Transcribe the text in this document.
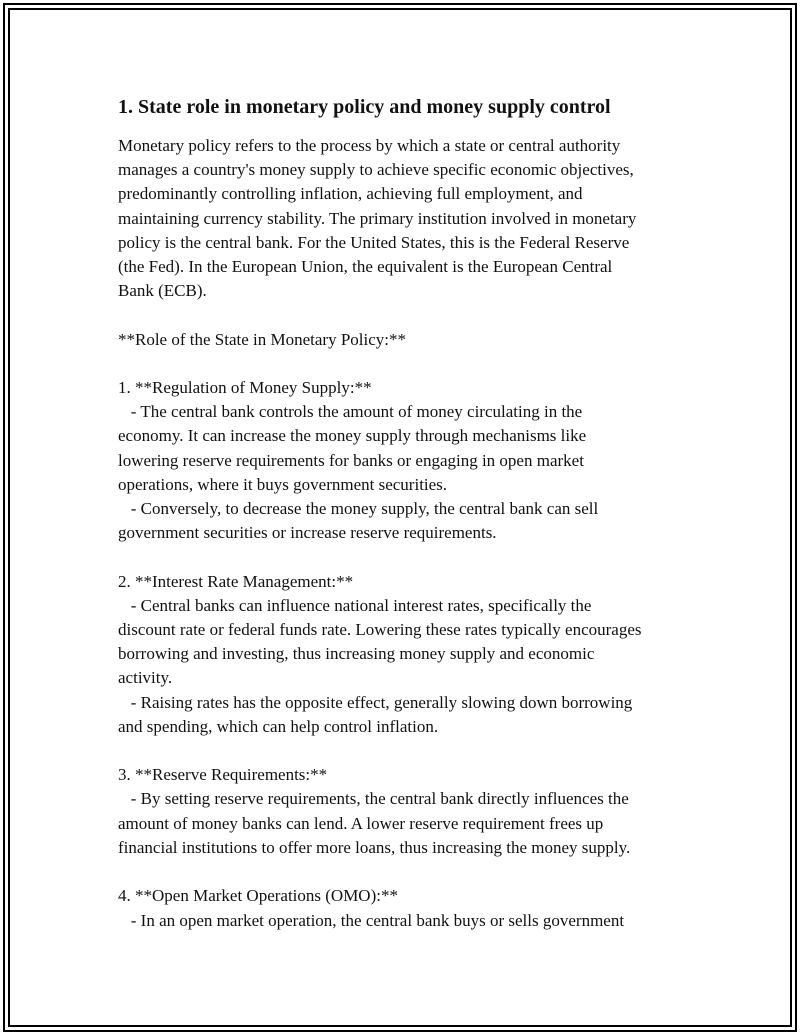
1. State role in monetary policy and money supply control

Monetary policy refers to the process by which a state or central authority
manages a country's money supply to achieve specific economic objectives,
predominantly controlling inflation, achieving full employment, and
maintaining currency stability. The primary institution involved in monetary
policy is the central bank. For the United States, this is the Federal Reserve
(the Fed). In the European Union, the equivalent is the European Central
Bank (ECB).

**Role of the State in Monetary Policy:**

1. **Regulation of Money Supply:**
- The central bank controls the amount of money circulating in the
economy. It can increase the money supply through mechanisms like
lowering reserve requirements for banks or engaging in open market
operations, where it buys government securities.
- Conversely, to decrease the money supply, the central bank can sell
government securities or increase reserve requirements.

2. **Interest Rate Management:**
- Central banks can influence national interest rates, specifically the
discount rate or federal funds rate. Lowering these rates typically encourages
borrowing and investing, thus increasing money supply and economic
activity.
- Raising rates has the opposite effect, generally slowing down borrowing
and spending, which can help control inflation.

3. **Reserve Requirements:**
- By setting reserve requirements, the central bank directly influences the
amount of money banks can lend. A lower reserve requirement frees up
financial institutions to offer more loans, thus increasing the money supply.

4. **Open Market Operations (OMO):**
- In an open market operation, the central bank buys or sells government
